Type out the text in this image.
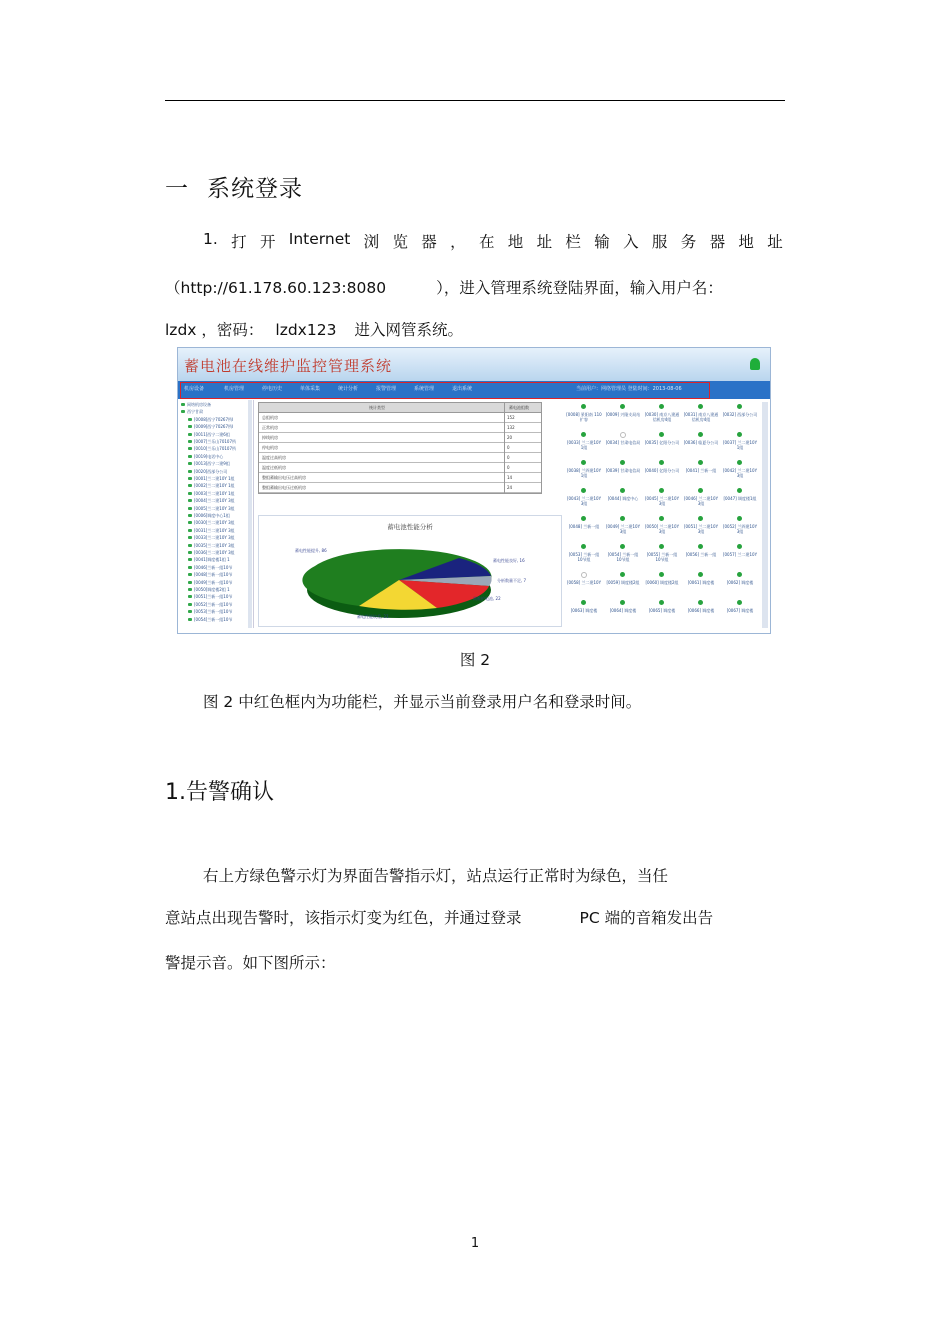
一 系统登录
1. 打 开 Internet 浏 览 器 ， 在 地 址 栏 输 入 服 务 器 地 址
（http://61.178.60.123:8080	），进入管理系统登陆界面，输入用户名：
lzdx ，密码： lzdx123 进入网管系统。
蓄电池在线维护监控管理系统
机房设备	机房管理	停电历史	单体采集	统计分析	报警管理	系统管理	退出系统	当前用户：网络管理员 登陆时间：2013-08-06
网络机房设备
西宁甘肃
[0008]西宁70267所Ⅰ
[0009]西宁70267所Ⅰ
[0011]西宁二建6组
[0007]兰乐山70107所
[0010]兰乐山70107所
[0019]电话中心
[0013]西宁二建9组
[0020]西部分公司
[0001]兰二建10Y 1组
[0002]兰二建10Y 1组
[0003]兰二建10Y 1组
[0004]兰二建10Y 3组
[0005]兰二建10Y 3组
[0006]调度中心1组
[0030]兰二建10Y 3组
[0031]兰二建10Y 3组
[0033]兰二建10Y 3组
[0035]兰二建10Y 3组
[0036]兰二建10Y 3组
[0041]调度楼1组 1
[0046]兰新一组10节
[0048]兰新一组10节
[0049]兰新一组10节
[0050]调度楼2组 1
[0051]兰新一组10节
[0052]兰新一组10节
[0053]兰新一组10节
[0054]兰新一组10节
统计类型	蓄电池组数
总组机房	152
正常机房	132
掉线机房	20
停电机房	0
温度过高机房	0
温度过低机房	0
整组蓄输出电压过高机房	14
整组蓄输出电压过低机房	24
蓄电池性能分析
蓄电性能提升, 86
蓄电性能良好, 16
分析数量不足, 7
需维护电池, 22
蓄电性能较差, 21
[0008] 景阳南 110扩容
[0009] 兴隆支局站 [0030] 南京八建通 信机房4组
[0031] 南京八建通 信机房4组
[0032] 西部分公司
[0033] 兰二建10Y 1组
[0034] 甘肃电信局 [0035] 亿阳分公司 [0036] 临夏分公司 [0037] 兰二建10Y 1组
[0038] 兰四建10Y 1组
[0039] 甘肃电信局 [0040] 亿阳分公司	[0041] 兰新一组	[0042] 兰二建10Y 3组
[0043] 兰二建10Y 3组
[0044] 调度中心	[0045] 兰二建10Y 3组
[0046] 兰二建10Y 3组
[0047] 调度楼1组
[0048] 兰新一组	[0049] 兰二建10Y 3组
[0050] 兰二建10Y 3组
[0051] 兰二建10Y 3组
[0052] 兰四建10Y 3组
[0053] 兰新一组 10节组
[0054] 兰新一组 10节组
[0055] 兰新一组 10节组
[0056] 兰新一组	[0057] 兰二建10Y
[0058] 兰二建10Y	[0059] 调度楼2组	[0060] 调度楼2组	[0061] 调度楼	[0062] 调度楼
[0063] 调度楼	[0064] 调度楼	[0065] 调度楼	[0066] 调度楼	[0067] 调度楼
图 2
图 2 中红色框内为功能栏，并显示当前登录用户名和登录时间。
1.告警确认
右上方绿色警示灯为界面告警指示灯，站点运行正常时为绿色，当任
意站点出现告警时，该指示灯变为红色，并通过登录	PC 端的音箱发出告
警提示音。如下图所示：
1
